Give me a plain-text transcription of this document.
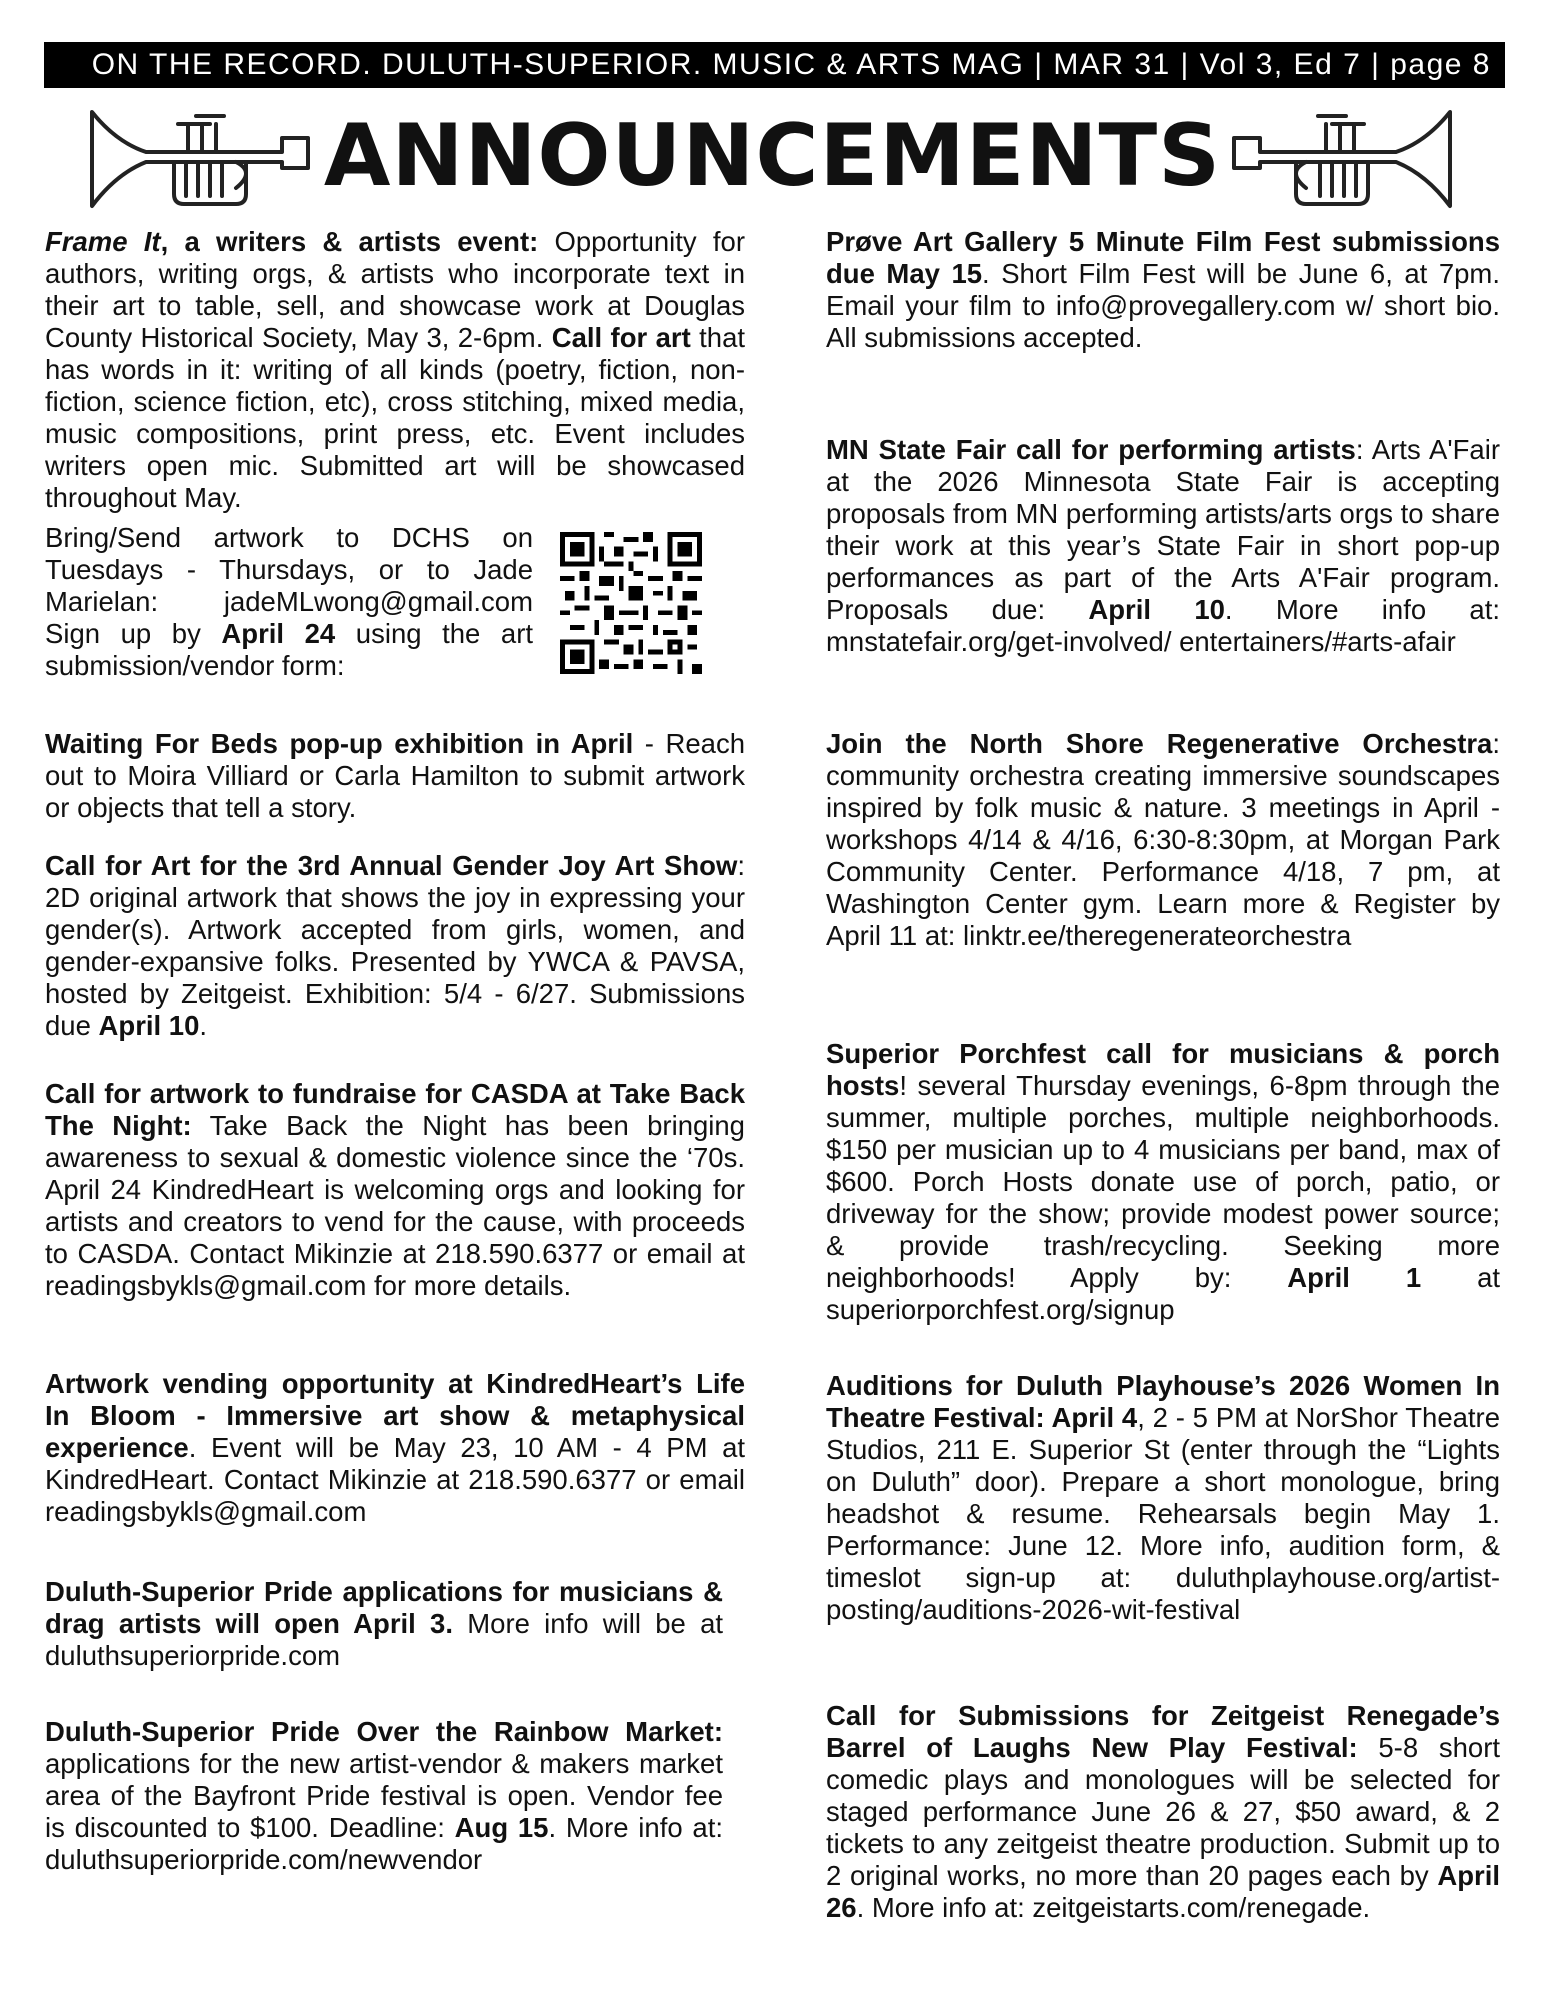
ON THE RECORD. DULUTH-SUPERIOR. MUSIC & ARTS MAG | MAR 31 | Vol 3, Ed 7 | page 8
ANNOUNCEMENTS
Frame It, a writers & artists event: Opportunity for authors, writing orgs, & artists who incorporate text in their art to table, sell, and showcase work at Douglas County Historical Society, May 3, 2-6pm. Call for art that has words in it: writing of all kinds (poetry, fiction, non-fiction, science fiction, etc), cross stitching, mixed media, music compositions, print press, etc. Event includes writers open mic. Submitted art will be showcased throughout May.
Bring/Send artwork to DCHS on Tuesdays - Thursdays, or to Jade Marielan: jadeMLwong@gmail.com Sign up by April 24 using the art submission/vendor form:
Waiting For Beds pop-up exhibition in April - Reach out to Moira Villiard or Carla Hamilton to submit artwork or objects that tell a story.
Call for Art for the 3rd Annual Gender Joy Art Show: 2D original artwork that shows the joy in expressing your gender(s). Artwork accepted from girls, women, and gender-expansive folks. Presented by YWCA & PAVSA, hosted by Zeitgeist. Exhibition: 5/4 - 6/27. Submissions due April 10.
Call for artwork to fundraise for CASDA at Take Back The Night: Take Back the Night has been bringing awareness to sexual & domestic violence since the ‘70s. April 24 KindredHeart is welcoming orgs and looking for artists and creators to vend for the cause, with proceeds to CASDA. Contact Mikinzie at 218.590.6377 or email at readingsbykls@gmail.com for more details.
Artwork vending opportunity at KindredHeart’s Life In Bloom - Immersive art show & metaphysical experience. Event will be May 23, 10 AM - 4 PM at KindredHeart. Contact Mikinzie at 218.590.6377 or email readingsbykls@gmail.com
Duluth-Superior Pride applications for musicians & drag artists will open April 3. More info will be at duluthsuperiorpride.com
Duluth-Superior Pride Over the Rainbow Market: applications for the new artist-vendor & makers market area of the Bayfront Pride festival is open. Vendor fee is discounted to $100. Deadline: Aug 15. More info at: duluthsuperiorpride.com/newvendor
Prøve Art Gallery 5 Minute Film Fest submissions due May 15. Short Film Fest will be June 6, at 7pm. Email your film to info@provegallery.com w/ short bio. All submissions accepted.
MN State Fair call for performing artists: Arts A'Fair at the 2026 Minnesota State Fair is accepting proposals from MN performing artists/arts orgs to share their work at this year’s State Fair in short pop-up performances as part of the Arts A'Fair program. Proposals due: April 10. More info at: mnstatefair.org/get-involved/ entertainers/#arts-afair
Join the North Shore Regenerative Orchestra: community orchestra creating immersive soundscapes inspired by folk music & nature. 3 meetings in April - workshops 4/14 & 4/16, 6:30-8:30pm, at Morgan Park Community Center. Performance 4/18, 7 pm, at Washington Center gym. Learn more & Register by April 11 at: linktr.ee/theregenerateorchestra
Superior Porchfest call for musicians & porch hosts! several Thursday evenings, 6-8pm through the summer, multiple porches, multiple neighborhoods. $150 per musician up to 4 musicians per band, max of $600. Porch Hosts donate use of porch, patio, or driveway for the show; provide modest power source; & provide trash/recycling. Seeking more neighborhoods! Apply by: April 1 at superiorporchfest.org/signup
Auditions for Duluth Playhouse’s 2026 Women In Theatre Festival: April 4, 2 - 5 PM at NorShor Theatre Studios, 211 E. Superior St (enter through the “Lights on Duluth” door). Prepare a short monologue, bring headshot & resume. Rehearsals begin May 1. Performance: June 12. More info, audition form, & timeslot sign-up at: duluthplayhouse.org/artist-posting/auditions-2026-wit-festival
Call for Submissions for Zeitgeist Renegade’s Barrel of Laughs New Play Festival: 5-8 short comedic plays and monologues will be selected for staged performance June 26 & 27, $50 award, & 2 tickets to any zeitgeist theatre production. Submit up to 2 original works, no more than 20 pages each by April 26. More info at: zeitgeistarts.com/renegade.
